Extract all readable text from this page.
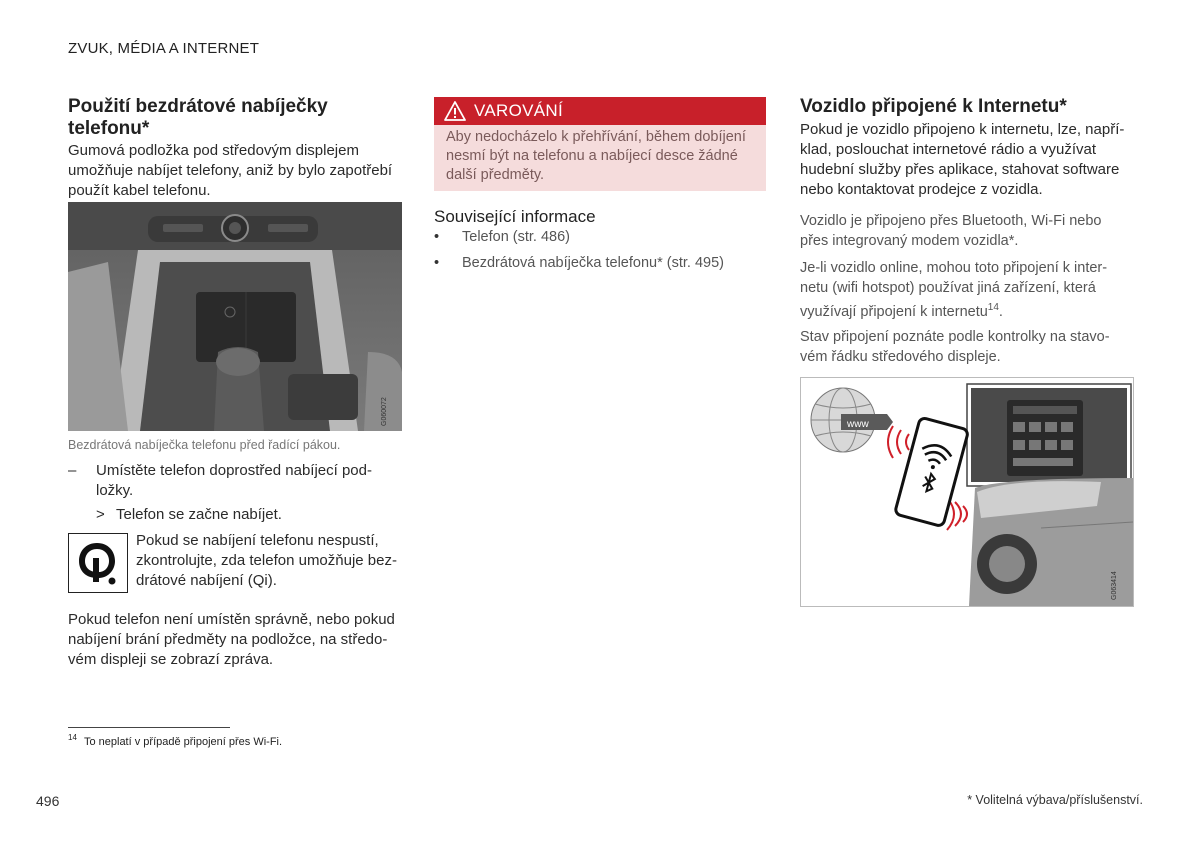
ZVUK, MÉDIA A INTERNET
Použití bezdrátové nabíječky
telefonu*
Gumová podložka pod středovým displejem
umožňuje nabíjet telefony, aniž by bylo zapotřebí
použít kabel telefonu.
G060072
Bezdrátová nabíječka telefonu před řadící pákou.
–	Umístěte telefon doprostřed nabíjecí pod-
ložky.
> Telefon se začne nabíjet.
Pokud se nabíjení telefonu nespustí,
zkontrolujte, zda telefon umožňuje bez-
drátové nabíjení (Qi).
Pokud telefon není umístěn správně, nebo pokud
nabíjení brání předměty na podložce, na středo-
vém displeji se zobrazí zpráva.
$^{14}$ To neplatí v případě připojení přes Wi-Fi.
VAROVÁNÍ
Aby nedocházelo k přehřívání, během dobíjení
nesmí být na telefonu a nabíjecí desce žádné
další předměty.
Související informace
•	Telefon (str. 486)
•	Bezdrátová nabíječka telefonu* (str. 495)
Vozidlo připojené k Internetu*
Pokud je vozidlo připojeno k internetu, lze, napří-
klad, poslouchat internetové rádio a využívat
hudební služby přes aplikace, stahovat software
nebo kontaktovat prodejce z vozidla.
Vozidlo je připojeno přes Bluetooth, Wi-Fi nebo
přes integrovaný modem vozidla*.
Je-li vozidlo online, mohou toto připojení k inter-
netu (wifi hotspot) používat jiná zařízení, která
využívají připojení k internetu$^{14}$.
Stav připojení poznáte podle kontrolky na stavo-
vém řádku středového displeje.
www
G063414
496	* Volitelná výbava/příslušenství.
